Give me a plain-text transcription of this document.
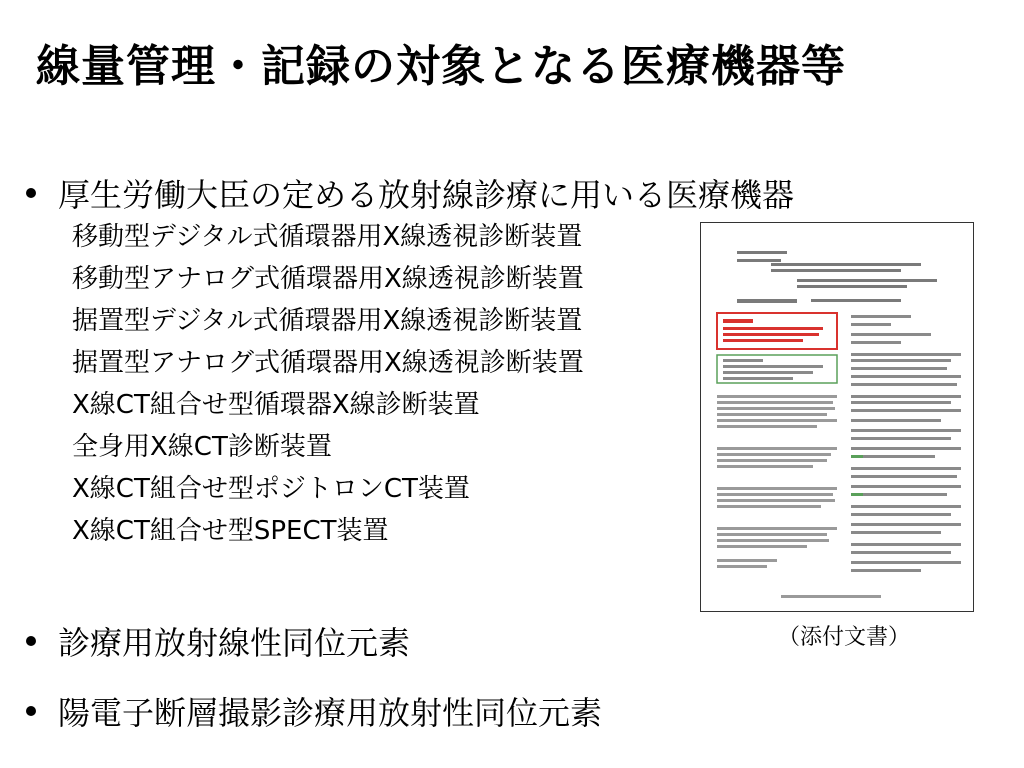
線量管理・記録の対象となる医療機器等
厚生労働大臣の定める放射線診療に用いる医療機器
移動型デジタル式循環器用X線透視診断装置
移動型アナログ式循環器用X線透視診断装置
据置型デジタル式循環器用X線透視診断装置
据置型アナログ式循環器用X線透視診断装置
X線CT組合せ型循環器X線診断装置
全身用X線CT診断装置
X線CT組合せ型ポジトロンCT装置
X線CT組合せ型SPECT装置
診療用放射線性同位元素
陽電子断層撮影診療用放射性同位元素
（添付文書）
